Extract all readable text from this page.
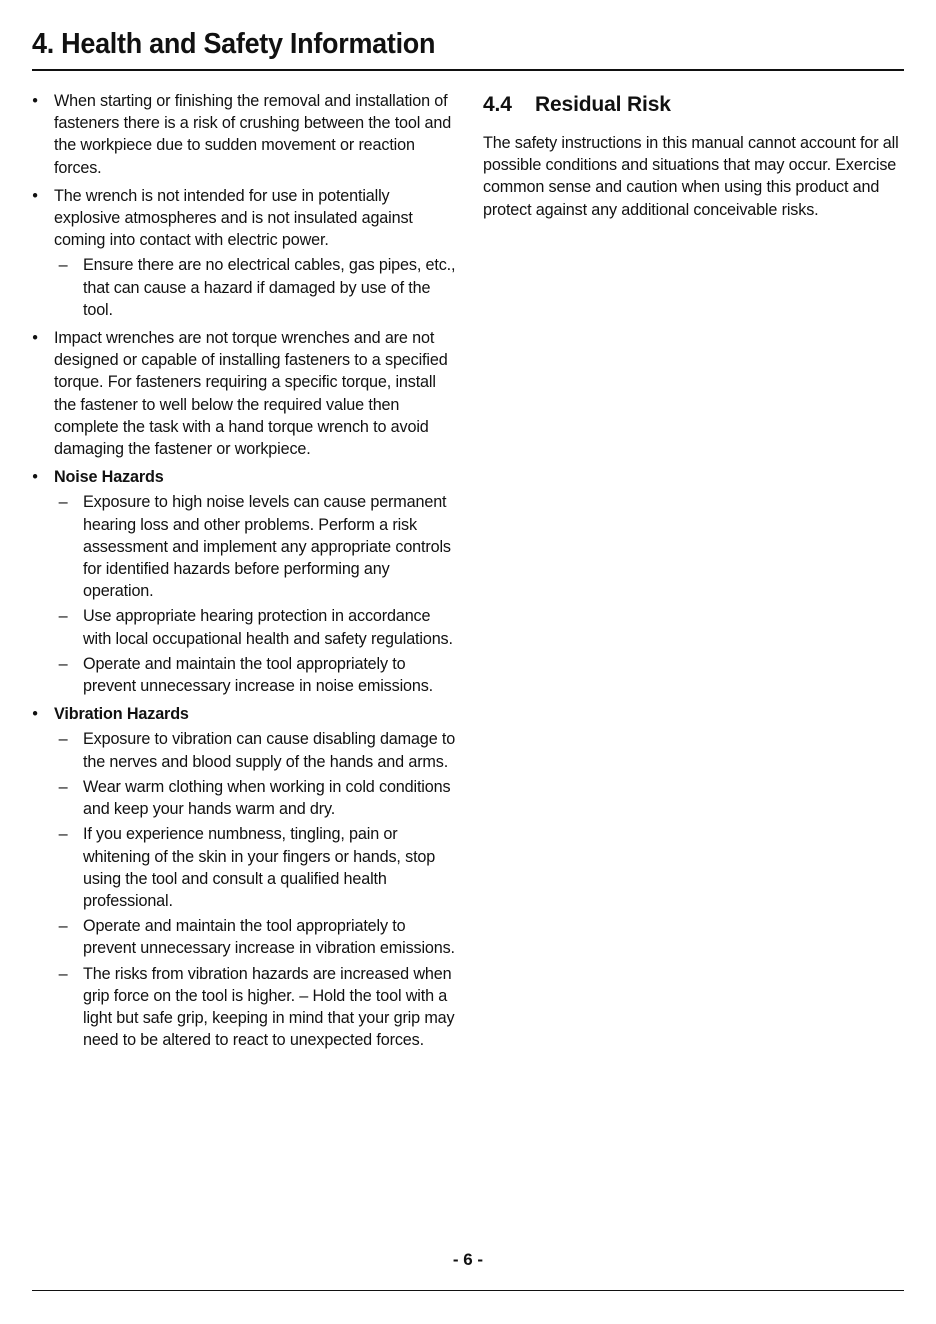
4. Health and Safety Information
• When starting or finishing the removal and installation of fasteners there is a risk of crushing between the tool and the workpiece due to sudden movement or reaction forces.
• The wrench is not intended for use in potentially explosive atmospheres and is not insulated against coming into contact with electric power.
– Ensure there are no electrical cables, gas pipes, etc., that can cause a hazard if damaged by use of the tool.
• Impact wrenches are not torque wrenches and are not designed or capable of installing fasteners to a specified torque. For fasteners requiring a specific torque, install the fastener to well below the required value then complete the task with a hand torque wrench to avoid damaging the fastener or workpiece.
• Noise Hazards
– Exposure to high noise levels can cause permanent hearing loss and other problems. Perform a risk assessment and implement any appropriate controls for identified hazards before performing any operation.
– Use appropriate hearing protection in accordance with local occupational health and safety regulations.
– Operate and maintain the tool appropriately to prevent unnecessary increase in noise emissions.
• Vibration Hazards
– Exposure to vibration can cause disabling damage to the nerves and blood supply of the hands and arms.
– Wear warm clothing when working in cold conditions and keep your hands warm and dry.
– If you experience numbness, tingling, pain or whitening of the skin in your fingers or hands, stop using the tool and consult a qualified health professional.
– Operate and maintain the tool appropriately to prevent unnecessary increase in vibration emissions.
– The risks from vibration hazards are increased when grip force on the tool is higher. – Hold the tool with a light but safe grip, keeping in mind that your grip may need to be altered to react to unexpected forces.
4.4 Residual Risk

The safety instructions in this manual cannot account for all possible conditions and situations that may occur. Exercise common sense and caution when using this product and protect against any additional conceivable risks.

- 6 -
